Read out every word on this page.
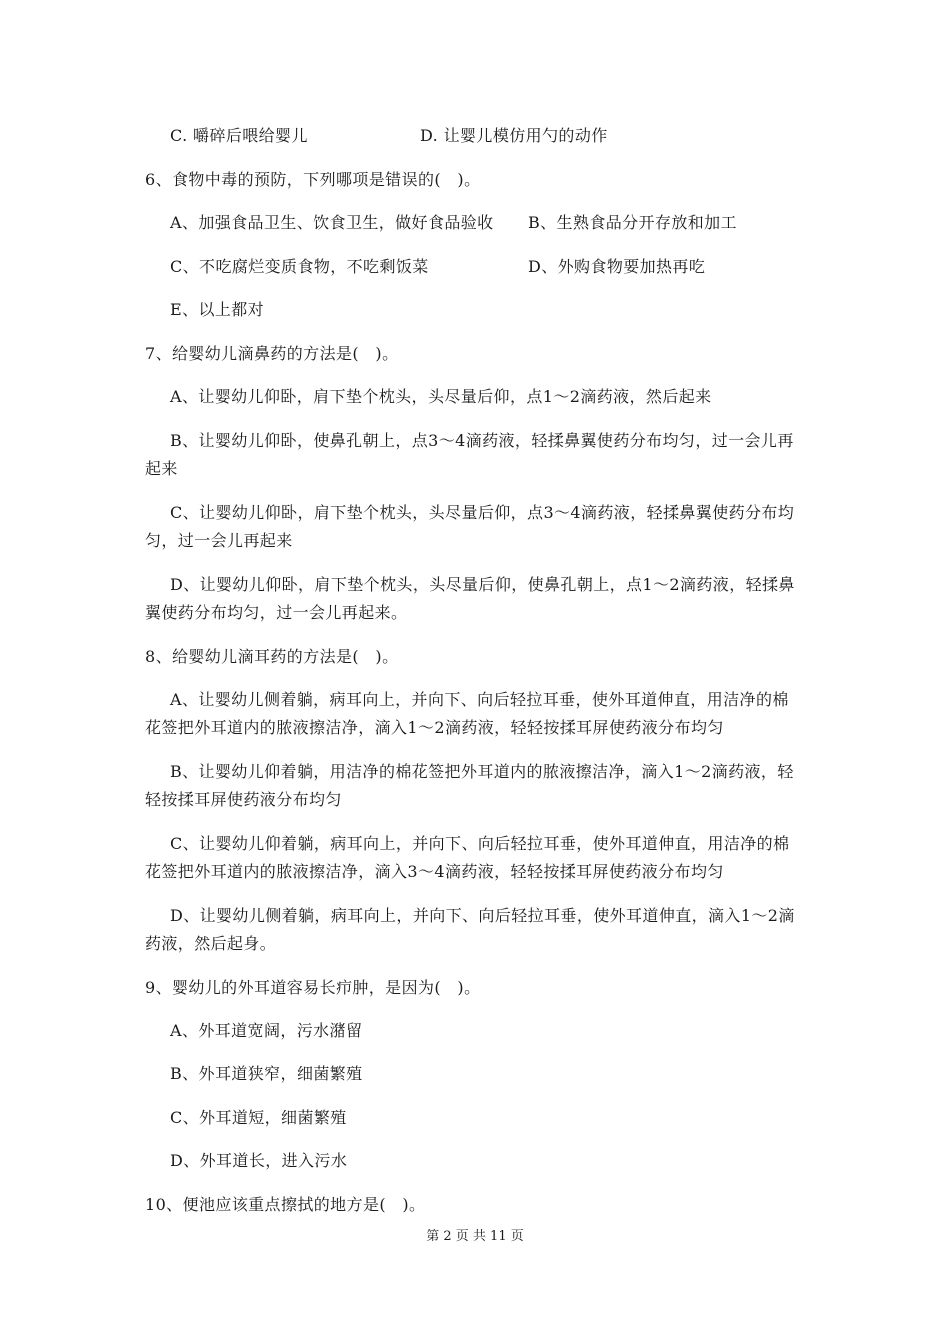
C. 嚼碎后喂给婴儿	D. 让婴儿模仿用勺的动作
6、食物中毒的预防，下列哪项是错误的(　)。
A、加强食品卫生、饮食卫生，做好食品验收 B、生熟食品分开存放和加工
C、不吃腐烂变质食物，不吃剩饭菜	D、外购食物要加热再吃
E、以上都对
7、给婴幼儿滴鼻药的方法是(　)。
A、让婴幼儿仰卧，肩下垫个枕头，头尽量后仰，点1～2滴药液，然后起来
B、让婴幼儿仰卧，使鼻孔朝上，点3～4滴药液，轻揉鼻翼使药分布均匀，过一会儿再
起来
C、让婴幼儿仰卧，肩下垫个枕头，头尽量后仰，点3～4滴药液，轻揉鼻翼使药分布均
匀，过一会儿再起来
D、让婴幼儿仰卧，肩下垫个枕头，头尽量后仰，使鼻孔朝上，点1～2滴药液，轻揉鼻
翼使药分布均匀，过一会儿再起来。
8、给婴幼儿滴耳药的方法是(　)。
A、让婴幼儿侧着躺，病耳向上，并向下、向后轻拉耳垂，使外耳道伸直，用洁净的棉
花签把外耳道内的脓液擦洁净，滴入1～2滴药液，轻轻按揉耳屏使药液分布均匀
B、让婴幼儿仰着躺，用洁净的棉花签把外耳道内的脓液擦洁净，滴入1～2滴药液，轻
轻按揉耳屏使药液分布均匀
C、让婴幼儿仰着躺，病耳向上，并向下、向后轻拉耳垂，使外耳道伸直，用洁净的棉
花签把外耳道内的脓液擦洁净，滴入3～4滴药液，轻轻按揉耳屏使药液分布均匀
D、让婴幼儿侧着躺，病耳向上，并向下、向后轻拉耳垂，使外耳道伸直，滴入1～2滴
药液，然后起身。
9、婴幼儿的外耳道容易长疖肿，是因为(　)。
A、外耳道宽阔，污水潴留
B、外耳道狭窄，细菌繁殖
C、外耳道短，细菌繁殖
D、外耳道长，进入污水
10、便池应该重点擦拭的地方是(　)。
第 2 页 共 11 页
